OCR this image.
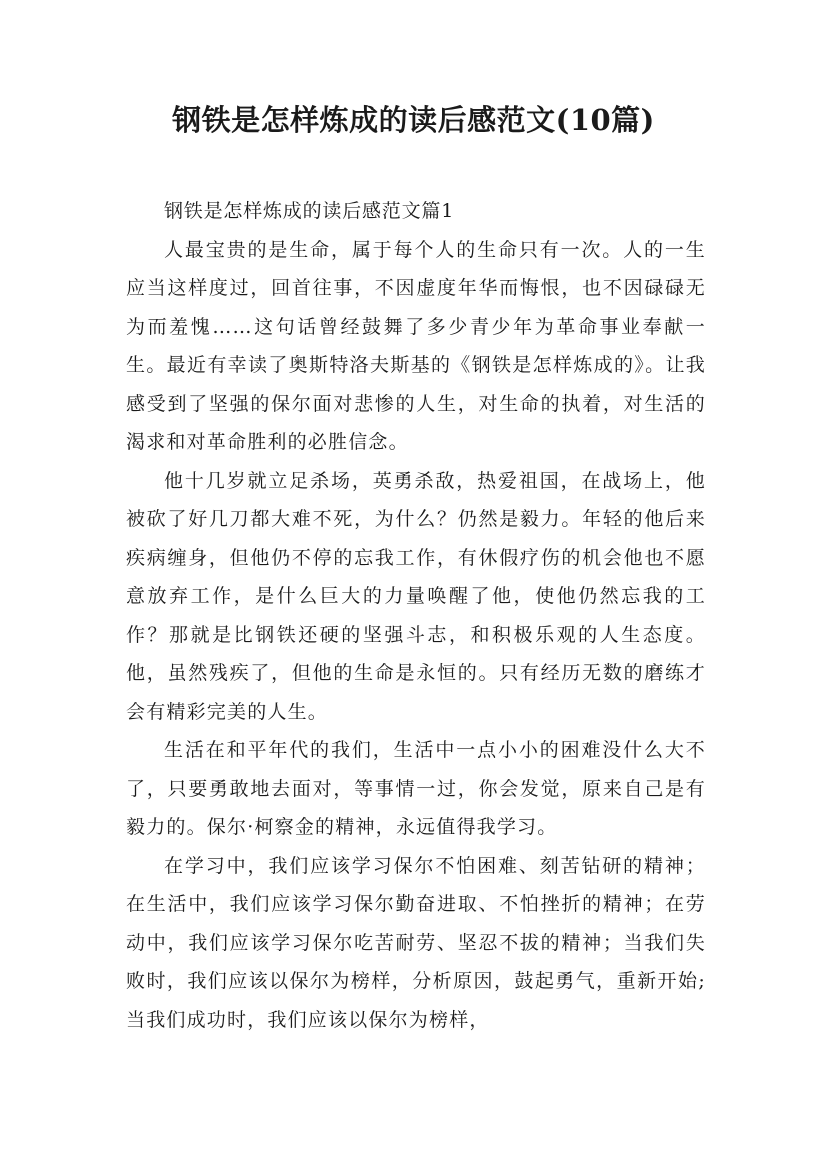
钢铁是怎样炼成的读后感范文(10篇)

钢铁是怎样炼成的读后感范文篇1

人最宝贵的是生命，属于每个人的生命只有一次。人的一生应当这样度过，回首往事，不因虚度年华而悔恨，也不因碌碌无为而羞愧……这句话曾经鼓舞了多少青少年为革命事业奉献一生。最近有幸读了奥斯特洛夫斯基的《钢铁是怎样炼成的》。让我感受到了坚强的保尔面对悲惨的人生，对生命的执着，对生活的渴求和对革命胜利的必胜信念。

他十几岁就立足杀场，英勇杀敌，热爱祖国，在战场上，他被砍了好几刀都大难不死，为什么？仍然是毅力。年轻的他后来疾病缠身，但他仍不停的忘我工作，有休假疗伤的机会他也不愿意放弃工作，是什么巨大的力量唤醒了他，使他仍然忘我的工作？那就是比钢铁还硬的坚强斗志，和积极乐观的人生态度。他，虽然残疾了，但他的生命是永恒的。只有经历无数的磨练才会有精彩完美的人生。

生活在和平年代的我们，生活中一点小小的困难没什么大不了，只要勇敢地去面对，等事情一过，你会发觉，原来自己是有毅力的。保尔·柯察金的精神，永远值得我学习。

在学习中，我们应该学习保尔不怕困难、刻苦钻研的精神；在生活中，我们应该学习保尔勤奋进取、不怕挫折的精神；在劳动中，我们应该学习保尔吃苦耐劳、坚忍不拔的精神；当我们失败时，我们应该以保尔为榜样，分析原因，鼓起勇气，重新开始;当我们成功时，我们应该以保尔为榜样，
